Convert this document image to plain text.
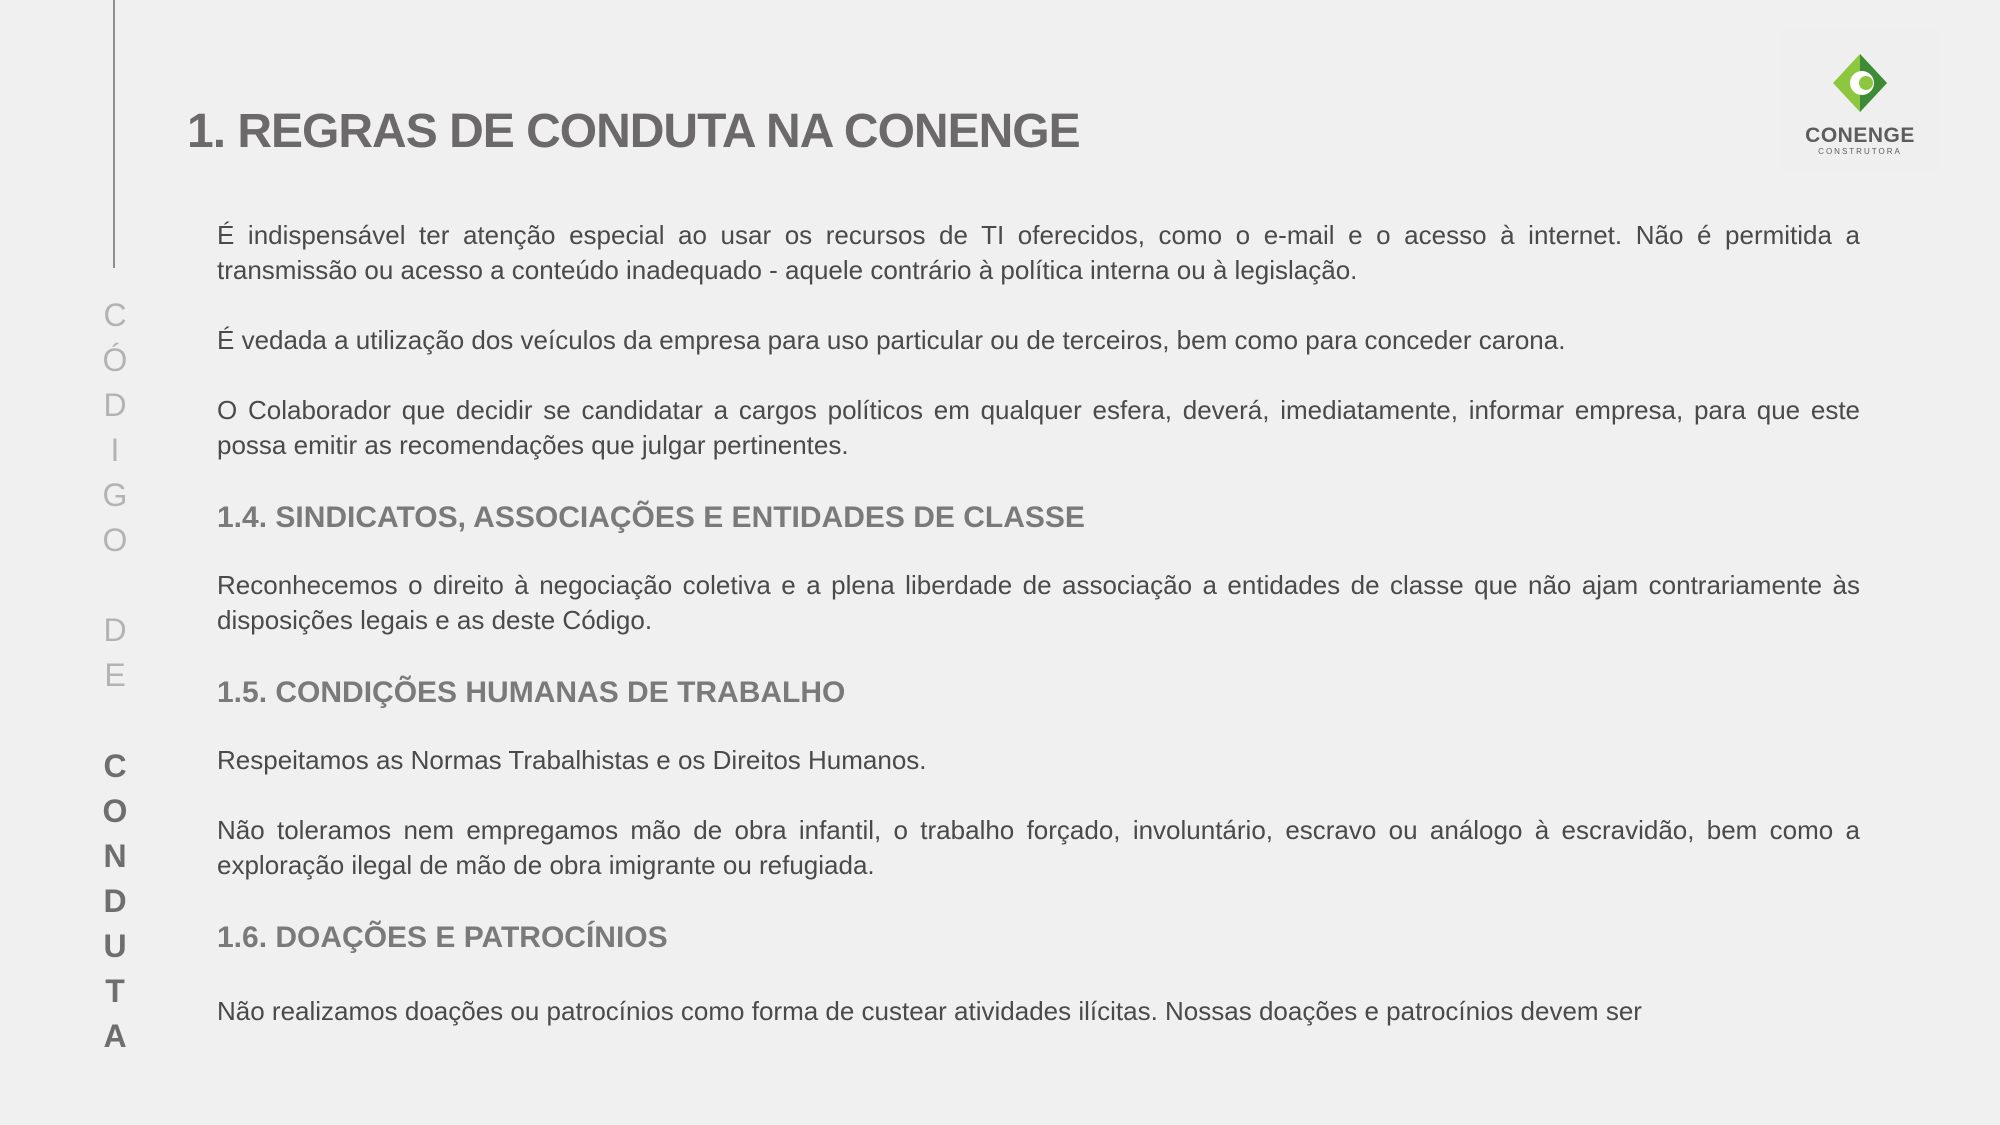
C
Ó
D
I
G
O
D
E
C
O
N
D
U
T
A
1. REGRAS DE CONDUTA NA CONENGE	CONENGE
CONSTRUTORA

É indispensável ter atenção especial ao usar os recursos de TI oferecidos, como o e-mail e o acesso à internet. Não é permitida a transmissão ou acesso a conteúdo inadequado - aquele contrário à política interna ou à legislação.

É vedada a utilização dos veículos da empresa para uso particular ou de terceiros, bem como para conceder carona.

O Colaborador que decidir se candidatar a cargos políticos em qualquer esfera, deverá, imediatamente, informar empresa, para que este possa emitir as recomendações que julgar pertinentes.

1.4. SINDICATOS, ASSOCIAÇÕES E ENTIDADES DE CLASSE

Reconhecemos o direito à negociação coletiva e a plena liberdade de associação a entidades de classe que não ajam contrariamente às disposições legais e as deste Código.

1.5. CONDIÇÕES HUMANAS DE TRABALHO

Respeitamos as Normas Trabalhistas e os Direitos Humanos.

Não toleramos nem empregamos mão de obra infantil, o trabalho forçado, involuntário, escravo ou análogo à escravidão, bem como a exploração ilegal de mão de obra imigrante ou refugiada.

1.6. DOAÇÕES E PATROCÍNIOS

Não realizamos doações ou patrocínios como forma de custear atividades ilícitas. Nossas doações e patrocínios devem ser
